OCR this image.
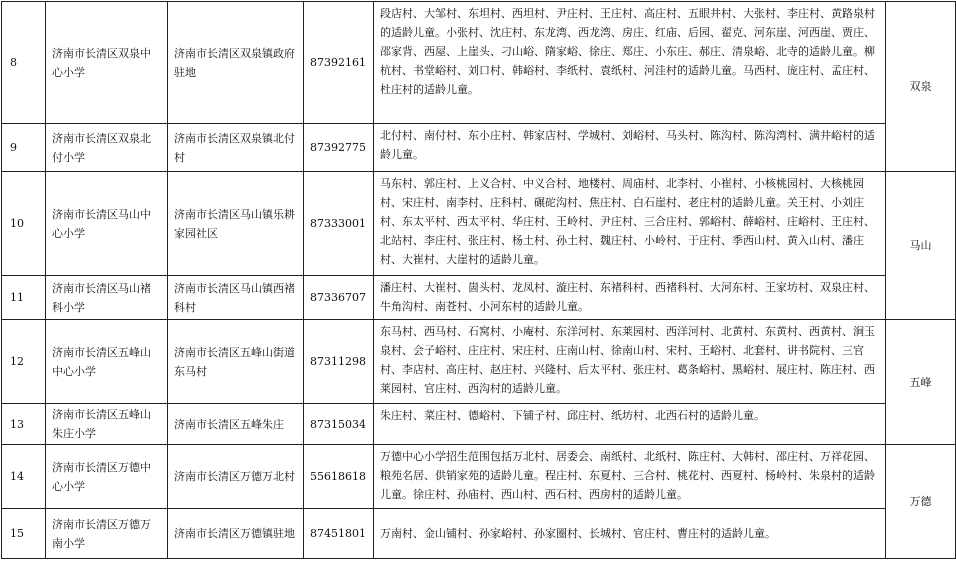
8	济南市长清区双泉中心小学	济南市长清区双泉镇政府驻地	87392161	段店村、大邹村、东坦村、西坦村、尹庄村、王庄村、高庄村、五眼井村、大张村、李庄村、黄路泉村的适龄儿童。小张村、沈庄村、东龙湾、西龙湾、房庄、红庙、后园、翟克、河东崖、河西崖、贾庄、邵家背、西屋、上崖头、刁山峪、隋家峪、徐庄、郑庄、小东庄、郝庄、清泉峪、北寺的适龄儿童。柳杭村、书堂峪村、刘口村、韩峪村、李纸村、袁纸村、河洼村的适龄儿童。马西村、庞庄村、孟庄村、杜庄村的适龄儿童。	双泉
9	济南市长清区双泉北付小学	济南市长清区双泉镇北付村	87392775	北付村、南付村、东小庄村、韩家店村、学城村、刘峪村、马头村、陈沟村、陈沟湾村、满井峪村的适龄儿童。	
10	济南市长清区马山中心小学	济南市长清区马山镇乐耕家园社区	87333001	马东村、郭庄村、上义合村、中义合村、地楼村、周庙村、北李村、小崔村、小核桃园村、大核桃园村、宋庄村、南李村、庄科村、碾砣沟村、焦庄村、白石崖村、老庄村的适龄儿童。关王村、小刘庄村、东太平村、西太平村、华庄村、王岭村、尹庄村、三合庄村、郭峪村、薛峪村、庄峪村、王庄村、北站村、李庄村、张庄村、杨土村、孙土村、魏庄村、小岭村、于庄村、季西山村、黄入山村、潘庄村、大崔村、大崖村的适龄儿童。	马山
11	济南市长清区马山褚科小学	济南市长清区马山镇西褚科村	87336707	潘庄村、大崔村、崮头村、龙凤村、漩庄村、东褚科村、西褚科村、大河东村、王家坊村、双泉庄村、牛角沟村、南苍村、小河东村的适龄儿童。	
12	济南市长清区五峰山中心小学	济南市长清区五峰山街道东马村	87311298	东马村、西马村、石窝村、小庵村、东洋河村、东莱园村、西洋河村、北黄村、东黄村、西黄村、涧玉泉村、会子峪村、庄庄村、宋庄村、庄南山村、徐南山村、宋村、王峪村、北套村、讲书院村、三官村、李店村、高庄村、赵庄村、兴隆村、后太平村、张庄村、葛条峪村、黑峪村、展庄村、陈庄村、西莱园村、官庄村、西沟村的适龄儿童。	五峰
13	济南市长清区五峰山朱庄小学	济南市长清区五峰朱庄	87315034	朱庄村、菜庄村、德峪村、下铺子村、邱庄村、纸坊村、北西石村的适龄儿童。	
14	济南市长清区万德中心小学	济南市长清区万德万北村	55618618	万德中心小学招生范围包括万北村、居委会、南纸村、北纸村、陈庄村、大韩村、邵庄村、万祥花园、粮苑名居、供销家苑的适龄儿童。程庄村、东夏村、三合村、桃花村、西夏村、杨岭村、朱泉村的适龄儿童。徐庄村、孙庙村、西山村、西石村、西房村的适龄儿童。	万德
15	济南市长清区万德万南小学	济南市长清区万德镇驻地	87451801	万南村、金山铺村、孙家峪村、孙家圈村、长城村、官庄村、曹庄村的适龄儿童。	
